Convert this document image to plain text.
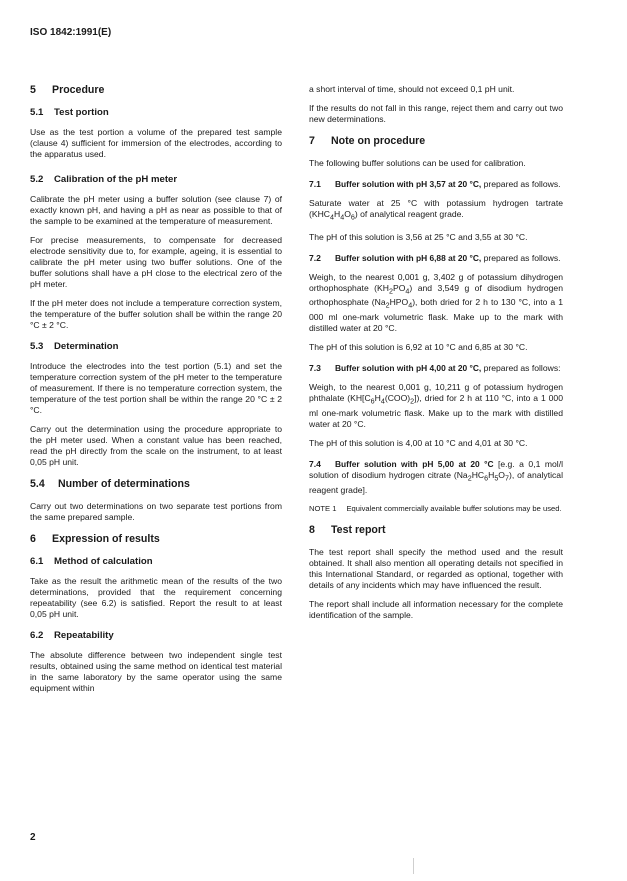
ISO 1842:1991(E)
5 Procedure
5.1 Test portion

Use as the test portion a volume of the prepared test sample (clause 4) sufficient for immersion of the electrodes, according to the apparatus used.

5.2 Calibration of the pH meter

Calibrate the pH meter using a buffer solution (see clause 7) of exactly known pH, and having a pH as near as possible to that of the sample to be examined at the temperature of measurement.

For precise measurements, to compensate for decreased electrode sensitivity due to, for example, ageing, it is essential to calibrate the pH meter using two buffer solutions. One of the buffer solutions shall have a pH close to the electrical zero of the pH meter.

If the pH meter does not include a temperature correction system, the temperature of the buffer solution shall be within the range 20 °C ± 2 °C.

5.3 Determination

Introduce the electrodes into the test portion (5.1) and set the temperature correction system of the pH meter to the temperature of measurement. If there is no temperature correction system, the temperature of the test portion shall be within the range 20 °C ± 2 °C.

Carry out the determination using the procedure appropriate to the pH meter used. When a constant value has been reached, read the pH directly from the scale on the instrument, to at least 0,05 pH unit.

5.4 Number of determinations

Carry out two determinations on two separate test portions from the same prepared sample.

6 Expression of results
6.1 Method of calculation

Take as the result the arithmetic mean of the results of the two determinations, provided that the requirement concerning repeatability (see 6.2) is satisfied. Report the result to at least 0,05 pH unit.

6.2 Repeatability

The absolute difference between two independent single test results, obtained using the same method on identical test material in the same laboratory by the same operator using the same equipment within

a short interval of time, should not exceed 0,1 pH unit.

If the results do not fall in this range, reject them and carry out two new determinations.

7 Note on procedure

The following buffer solutions can be used for calibration.

7.1 Buffer solution with pH 3,57 at 20 °C, prepared as follows.

Saturate water at 25 °C with potassium hydrogen tartrate $(KHC_4H_4O_6)$ of analytical reagent grade.

The pH of this solution is 3,56 at 25 °C and 3,55 at 30 °C.

7.2 Buffer solution with pH 6,88 at 20 °C, prepared as follows.

Weigh, to the nearest 0,001 g, 3,402 g of potassium dihydrogen orthophosphate $(KH_2PO_4)$ and 3,549 g of disodium hydrogen orthophosphate $(Na_2HPO_4)$, both dried for 2 h to 130 °C, into a 1 000 ml one-mark volumetric flask. Make up to the mark with distilled water at 20 °C.

The pH of this solution is 6,92 at 10 °C and 6,85 at 30 °C.

7.3 Buffer solution with pH 4,00 at 20 °C, prepared as follows:

Weigh, to the nearest 0,001 g, 10,211 g of potassium hydrogen phthalate $(KH[C_6H_4(COO)_2])$, dried for 2 h at 110 °C, into a 1 000 ml one-mark volumetric flask. Make up to the mark with distilled water at 20 °C.

The pH of this solution is 4,00 at 10 °C and 4,01 at 30 °C.

7.4 Buffer solution with pH 5,00 at 20 °C [e.g. a 0,1 mol/l solution of disodium hydrogen citrate $(Na_2HC_6H_5O_7)$, of analytical reagent grade].
NOTE 1 Equivalent commercially available buffer solutions may be used.
8 Test report

The test report shall specify the method used and the result obtained. It shall also mention all operating details not specified in this International Standard, or regarded as optional, together with details of any incidents which may have influenced the result.

The report shall include all information necessary for the complete identification of the sample.

2
